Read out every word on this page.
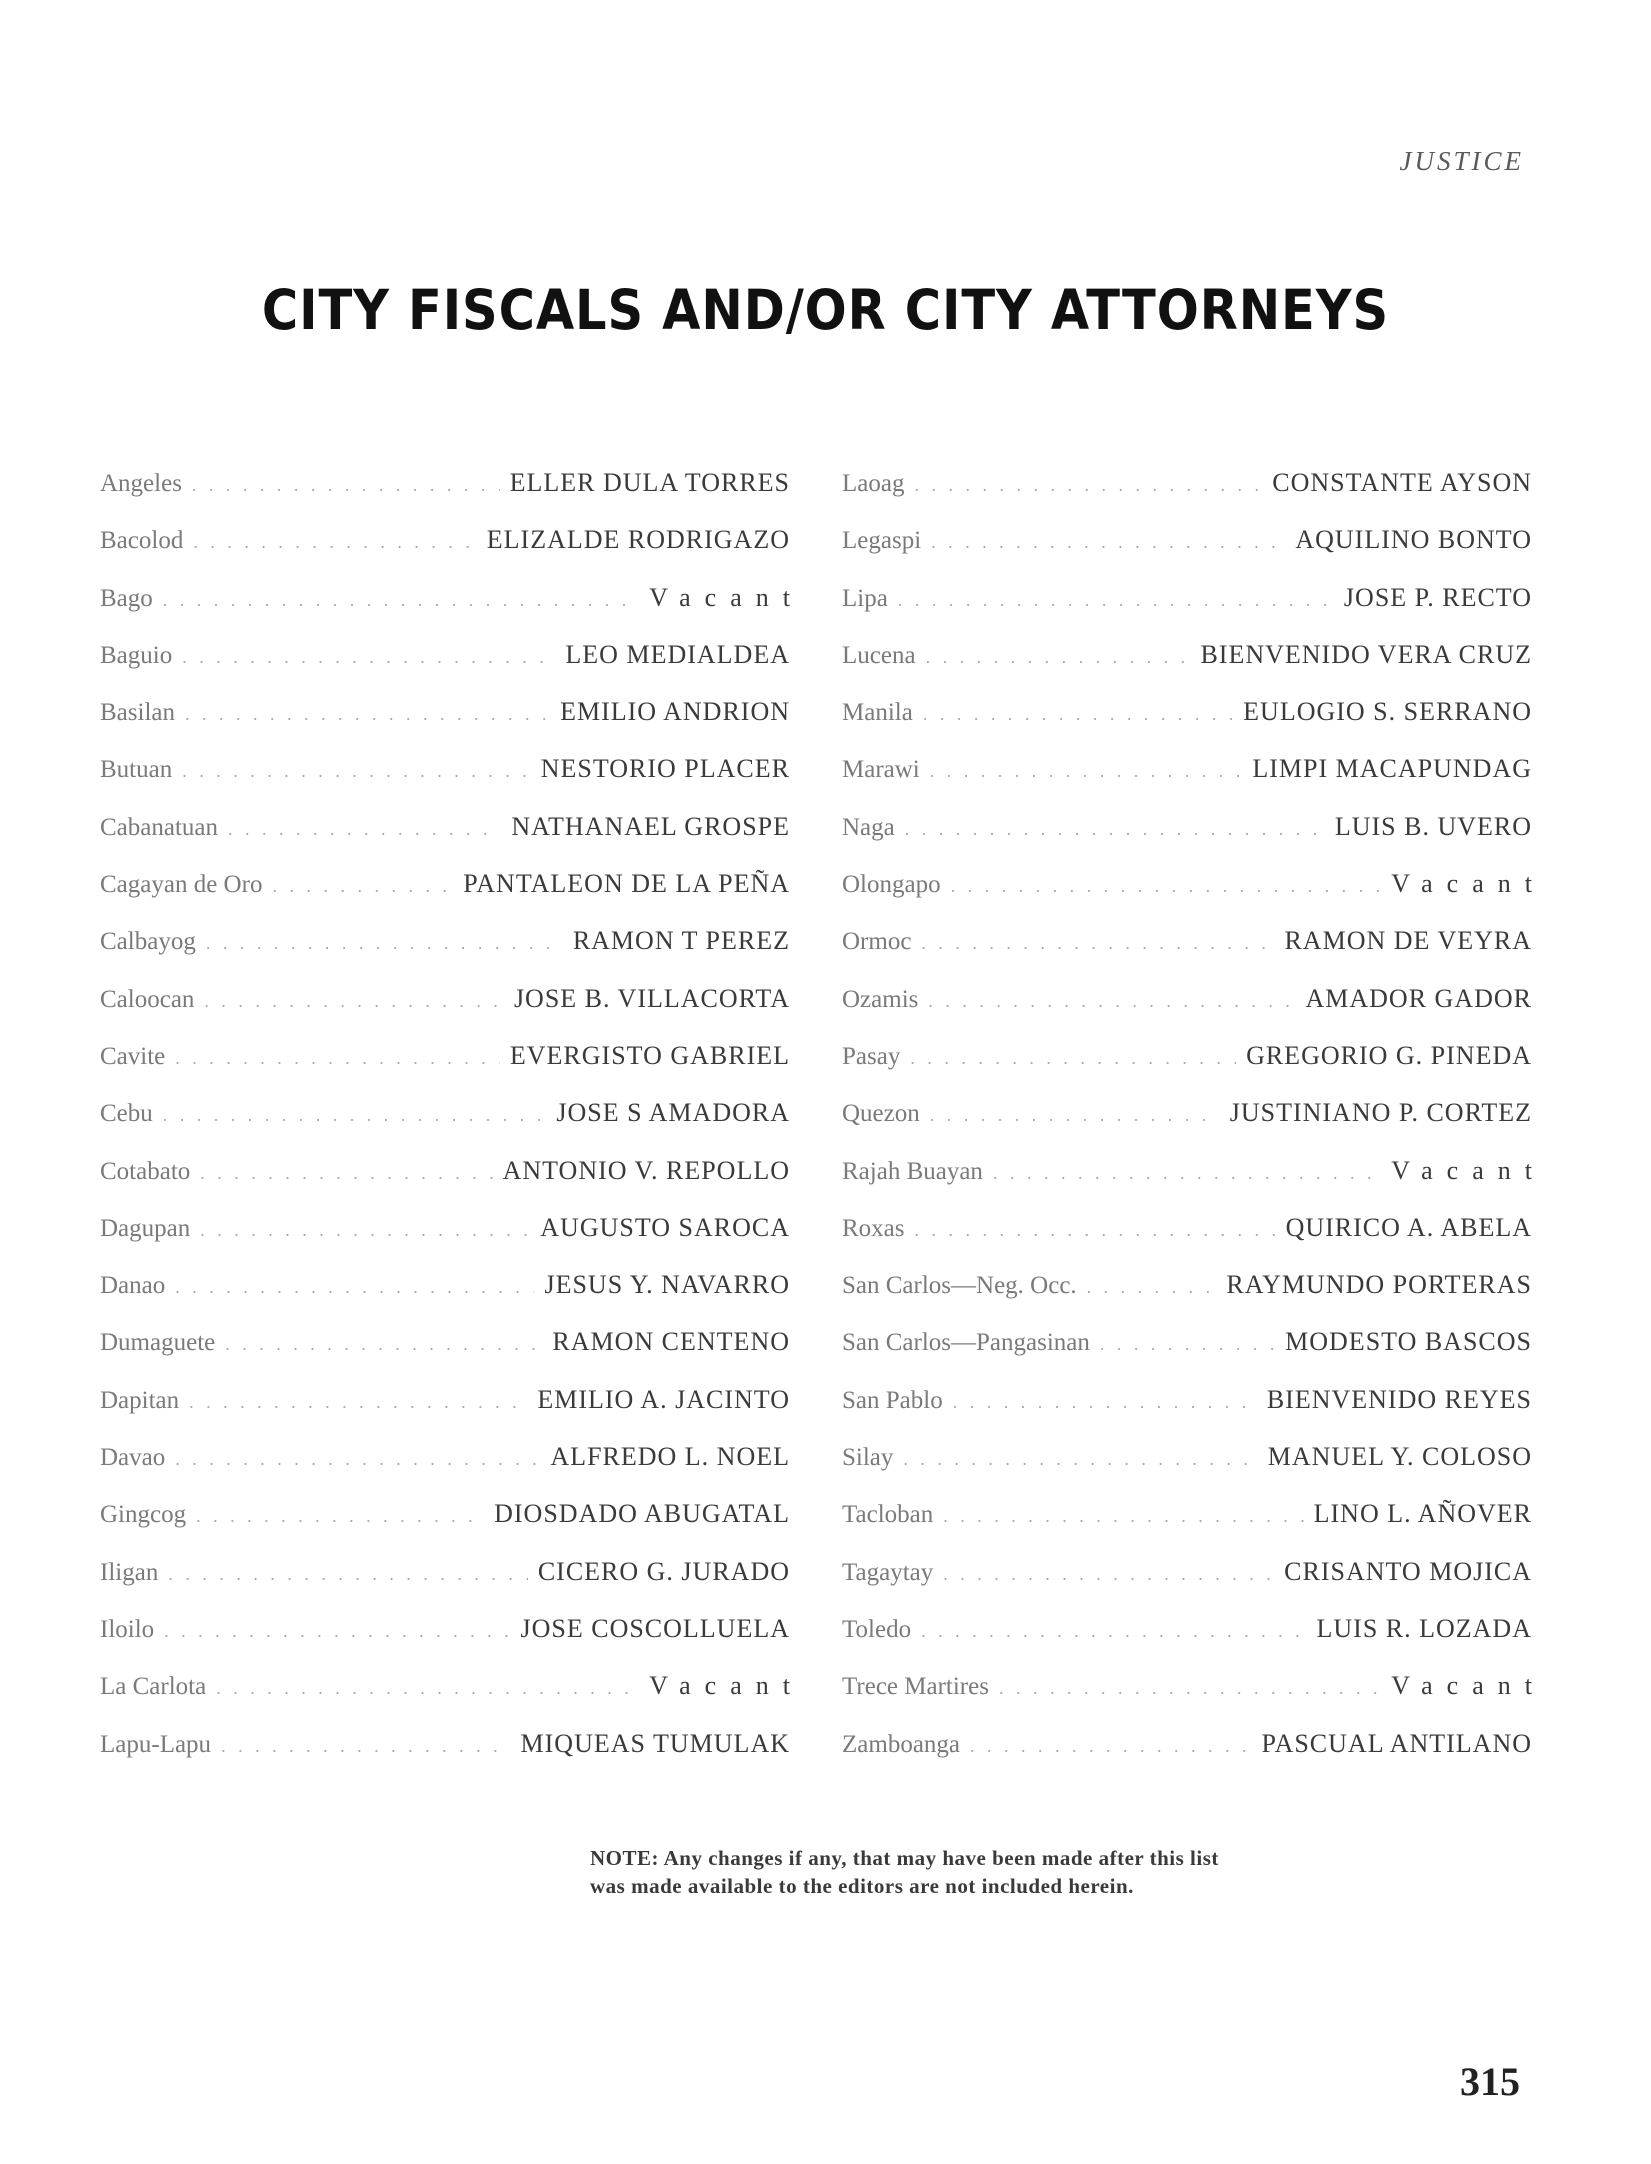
JUSTICE
CITY FISCALS AND/OR CITY ATTORNEYS
Angeles . . .	ELLER DULA TORRES
Bacolod . . .	ELIZALDE RODRIGAZO
Bago . . .	Vacant
Baguio . . .	LEO MEDIALDEA
Basilan . . .	EMILIO ANDRION
Butuan . . .	NESTORIO PLACER
Cabanatuan . . .	NATHANAEL GROSPE
Cagayan de Oro . . .	PANTALEON DE LA PEÑA
Calbayog . . .	RAMON T PEREZ
Caloocan . . .	JOSE B. VILLACORTA
Cavite . . .	EVERGISTO GABRIEL
Cebu . . .	JOSE S AMADORA
Cotabato . . .	ANTONIO V. REPOLLO
Dagupan . . .	AUGUSTO SAROCA
Danao . . .	JESUS Y. NAVARRO
Dumaguete . . .	RAMON CENTENO
Dapitan . . .	EMILIO A. JACINTO
Davao . . .	ALFREDO L. NOEL
Gingcog . . .	DIOSDADO ABUGATAL
Iligan . . .	CICERO G. JURADO
Iloilo . . .	JOSE COSCOLLUELA
La Carlota . . .	Vacant
Lapu-Lapu . . .	MIQUEAS TUMULAK
Laoag . . .	CONSTANTE AYSON
Legaspi . . .	AQUILINO BONTO
Lipa . . .	JOSE P. RECTO
Lucena . . .	BIENVENIDO VERA CRUZ
Manila . . .	EULOGIO S. SERRANO
Marawi . . .	LIMPI MACAPUNDAG
Naga . . .	LUIS B. UVERO
Olongapo . . .	Vacant
Ormoc . . .	RAMON DE VEYRA
Ozamis . . .	AMADOR GADOR
Pasay . . .	GREGORIO G. PINEDA
Quezon . . .	JUSTINIANO P. CORTEZ
Rajah Buayan . . .	Vacant
Roxas . . .	QUIRICO A. ABELA
San Carlos—Neg. Occ. . . .	RAYMUNDO PORTERAS
San Carlos—Pangasinan . . .	MODESTO BASCOS
San Pablo . . .	BIENVENIDO REYES
Silay . . .	MANUEL Y. COLOSO
Tacloban . . .	LINO L. AÑOVER
Tagaytay . . .	CRISANTO MOJICA
Toledo . . .	LUIS R. LOZADA
Trece Martires . . .	Vacant
Zamboanga . . .	PASCUAL ANTILANO
NOTE: Any changes if any, that may have been made after this list was made available to the editors are not included herein.
315
